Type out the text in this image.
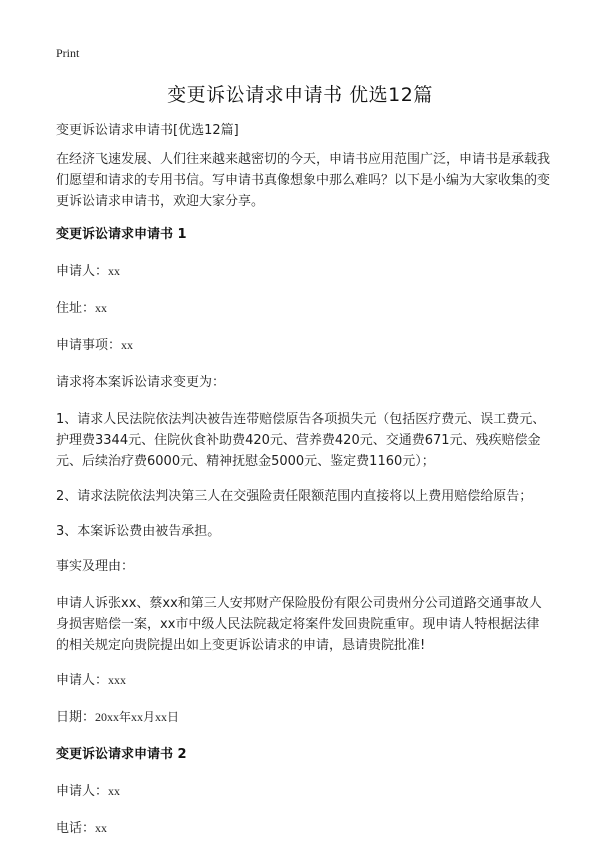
Print
变更诉讼请求申请书 优选12篇
变更诉讼请求申请书[优选12篇]
在经济飞速发展、人们往来越来越密切的今天，申请书应用范围广泛，申请书是承载我们愿望和请求的专用书信。写申请书真像想象中那么难吗？以下是小编为大家收集的变更诉讼请求申请书，欢迎大家分享。
变更诉讼请求申请书 1
申请人：xx
住址：xx
申请事项：xx
请求将本案诉讼请求变更为：
1、请求人民法院依法判决被告连带赔偿原告各项损失元（包括医疗费元、误工费元、护理费3344元、住院伙食补助费420元、营养费420元、交通费671元、残疾赔偿金元、后续治疗费6000元、精神抚慰金5000元、鉴定费1160元）；
2、请求法院依法判决第三人在交强险责任限额范围内直接将以上费用赔偿给原告；
3、本案诉讼费由被告承担。
事实及理由：
申请人诉张xx、蔡xx和第三人安邦财产保险股份有限公司贵州分公司道路交通事故人身损害赔偿一案，xx市中级人民法院裁定将案件发回贵院重审。现申请人特根据法律的相关规定向贵院提出如上变更诉讼请求的申请，恳请贵院批准!
申请人：xxx
日期：20xx年xx月xx日
变更诉讼请求申请书 2
申请人：xx
电话：xx
